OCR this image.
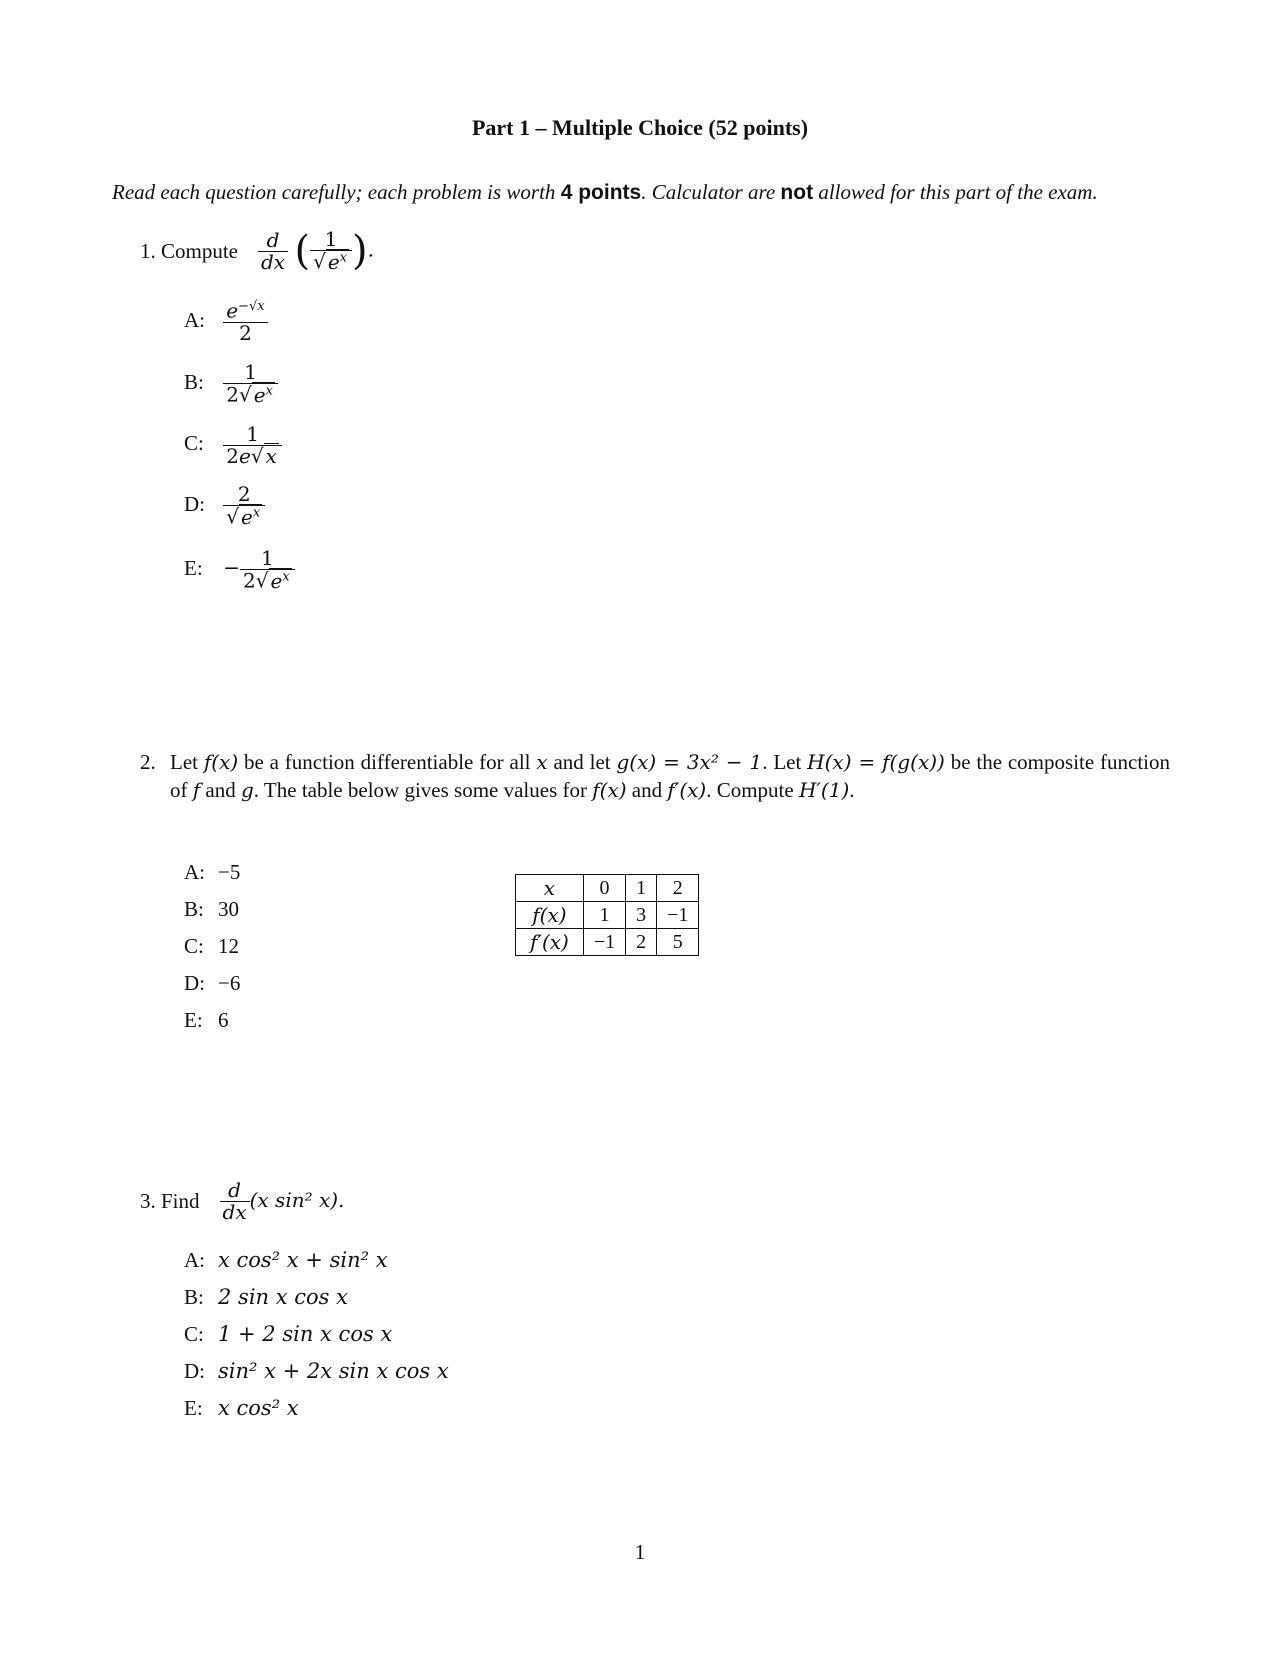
Part 1 – Multiple Choice (52 points)
Read each question carefully; each problem is worth 4 points. Calculator are not allowed for this part of the exam.
1.
Compute $\frac{d}{dx}$ ( $\frac{1}{√ e^x}$ ).
A: $\frac{e^{-√x}}{2}$
B: $\frac{1}{2√ e^x}$
C: $\frac{1}{2e√ x}$
D: $\frac{2}{√ e^x}$
E: − $\frac{1}{2√ e^x}$
2. Let f(x) be a function differentiable for all x and let g(x) = 3x² − 1. Let H(x) = f(g(x)) be the composite function of f and g. The table below gives some values for f(x) and f′(x). Compute H′(1).
A: −5
B: 30
C: 12
D: −6
E: 6
x	0	1	2
f(x)	1	3	−1
f′(x)	−1	2	5
3.
Find $\frac{d}{dx} (x$ sin² x).
A: x cos² x + sin² x
B: 2 sin x cos x
C: 1 + 2 sin x cos x
D: sin² x + 2x sin x cos x
E: x cos² x
1
